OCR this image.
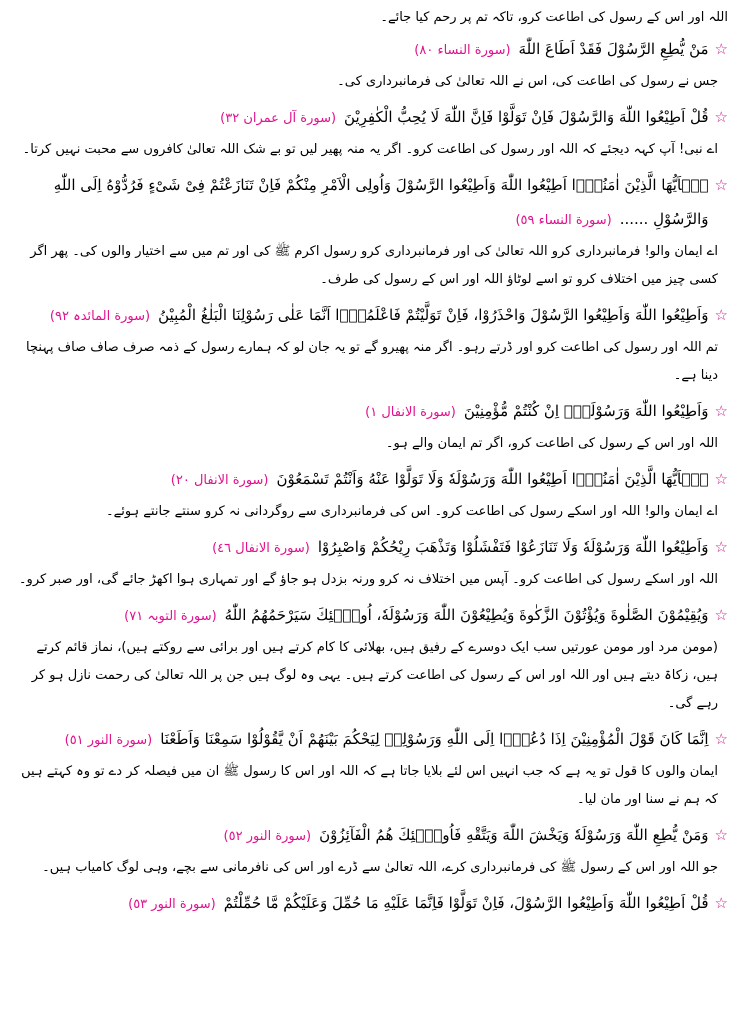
اللہ اور اس کے رسول کی اطاعت کرو، تاکہ تم پر رحم کیا جائے۔
☆
مَنْ يُّطِعِ الرَّسُوْلَ فَقَدْ اَطَاعَ اللّٰهَ(سورة النساء ٨٠)
جس نے رسول کی اطاعت کی، اس نے اللہ تعالیٰ کی فرمانبرداری کی۔
☆
قُلْ اَطِيْعُوا اللّٰهَ وَالرَّسُوْلَ فَاِنْ تَوَلَّوْا فَاِنَّ اللّٰهَ لَا يُحِبُّ الْكٰفِرِيْنَ(سورة آل عمران ٣٢)
اے نبی! آپ کہہ دیجئے کہ اللہ اور رسول کی اطاعت کرو۔ اگر یہ منہ پھیر لیں تو بے شک اللہ تعالیٰ کافروں سے محبت نہیں کرتا۔
☆
يٰۤاَيُّهَا الَّذِيْنَ اٰمَنُوْۤا اَطِيْعُوا اللّٰهَ وَاَطِيْعُوا الرَّسُوْلَ وَاُولِى الْاَمْرِ مِنْكُمْ فَاِنْ تَنَازَعْتُمْ فِىْ شَىْءٍ فَرُدُّوْهُ اِلَى اللّٰهِ وَالرَّسُوْلِ ......(سورة النساء ٥٩)
اے ایمان والو! فرمانبرداری کرو اللہ تعالیٰ کی اور فرمانبرداری کرو رسول اکرم ﷺ کی اور تم میں سے اختیار والوں کی۔ پھر اگر کسی چیز میں اختلاف کرو تو اسے لوٹاؤ اللہ اور اس کے رسول کی طرف۔
☆
وَاَطِيْعُوا اللّٰهَ وَاَطِيْعُوا الرَّسُوْلَ وَاحْذَرُوْا، فَاِنْ تَوَلَّيْتُمْ فَاعْلَمُوْۤا اَنَّمَا عَلٰى رَسُوْلِنَا الْبَلٰغُ الْمُبِيْنُ(سورة المائدہ ٩٢)
تم اللہ اور رسول کی اطاعت کرو اور ڈرتے رہو۔ اگر منہ پھیرو گے تو یہ جان لو کہ ہمارے رسول کے ذمہ صرف صاف صاف پہنچا دینا ہے۔
☆
وَاَطِيْعُوا اللّٰهَ وَرَسُوْلَهٗۤ اِنْ كُنْتُمْ مُّؤْمِنِيْنَ(سورة الانفال ١)
اللہ اور اس کے رسول کی اطاعت کرو، اگر تم ایمان والے ہو۔
☆
يٰۤاَيُّهَا الَّذِيْنَ اٰمَنُوْۤا اَطِيْعُوا اللّٰهَ وَرَسُوْلَهٗ وَلَا تَوَلَّوْا عَنْهُ وَاَنْتُمْ تَسْمَعُوْنَ(سورة الانفال ٢٠)
اے ایمان والو! اللہ اور اسکے رسول کی اطاعت کرو۔ اس کی فرمانبرداری سے روگردانی نہ کرو سنتے جانتے ہوئے۔
☆
وَاَطِيْعُوا اللّٰهَ وَرَسُوْلَهٗ وَلَا تَنَازَعُوْا فَتَفْشَلُوْا وَتَذْهَبَ رِيْحُكُمْ وَاصْبِرُوْا(سورة الانفال ٤٦)
اللہ اور اسکے رسول کی اطاعت کرو۔ آپس میں اختلاف نہ کرو ورنہ بزدل ہو جاؤ گے اور تمہاری ہوا اکھڑ جائے گی، اور صبر کرو۔
☆
وَيُقِيْمُوْنَ الصَّلٰوةَ وَيُؤْتُوْنَ الزَّكٰوةَ وَيُطِيْعُوْنَ اللّٰهَ وَرَسُوْلَهٗ، اُولٰۤئِكَ سَيَرْحَمُهُمُ اللّٰهُ(سورة التوبہ ٧١)
(مومن مرد اور مومن عورتیں سب ایک دوسرے کے رفیق ہیں، بھلائی کا کام کرتے ہیں اور برائی سے روکتے ہیں)، نماز قائم کرتے ہیں، زکاۃ دیتے ہیں اور اللہ اور اس کے رسول کی اطاعت کرتے ہیں۔ یہی وہ لوگ ہیں جن پر اللہ تعالیٰ کی رحمت نازل ہو کر رہے گی۔
☆
اِنَّمَا كَانَ قَوْلَ الْمُؤْمِنِيْنَ اِذَا دُعُوْۤا اِلَى اللّٰهِ وَرَسُوْلِهٖ لِيَحْكُمَ بَيْنَهُمْ اَنْ يَّقُوْلُوْا سَمِعْنَا وَاَطَعْنَا(سورة النور ٥١)
ایمان والوں کا قول تو یہ ہے کہ جب انہیں اس لئے بلایا جاتا ہے کہ اللہ اور اس کا رسول ﷺ ان میں فیصلہ کر دے تو وہ کہتے ہیں کہ ہم نے سنا اور مان لیا۔
☆
وَمَنْ يُّطِعِ اللّٰهَ وَرَسُوْلَهٗ وَيَخْشَ اللّٰهَ وَيَتَّقْهِ فَاُولٰۤئِكَ هُمُ الْفَآئِزُوْنَ(سورة النور ٥٢)
جو اللہ اور اس کے رسول ﷺ کی فرمانبرداری کرے، اللہ تعالیٰ سے ڈرے اور اس کی نافرمانی سے بچے، وہی لوگ کامیاب ہیں۔
☆
قُلْ اَطِيْعُوا اللّٰهَ وَاَطِيْعُوا الرَّسُوْلَ، فَاِنْ تَوَلَّوْا فَاِنَّمَا عَلَيْهِ مَا حُمِّلَ وَعَلَيْكُمْ مَّا حُمِّلْتُمْ(سورة النور ٥٣)
